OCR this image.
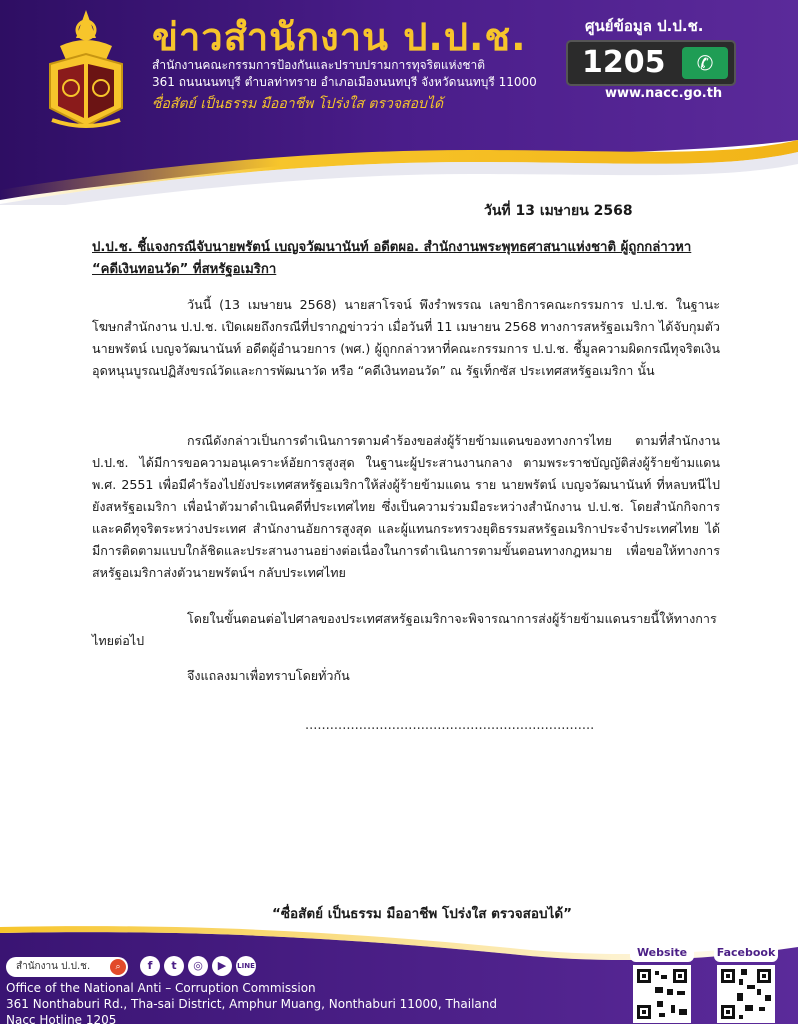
ข่าวสำนักงาน ป.ป.ช.
สำนักงานคณะกรรมการป้องกันและปราบปรามการทุจริตแห่งชาติ
361 ถนนนนทบุรี ตำบลท่าทราย อำเภอเมืองนนทบุรี จังหวัดนนทบุรี 11000
ซื่อสัตย์ เป็นธรรม มืออาชีพ โปร่งใส ตรวจสอบได้
ศูนย์ข้อมูล ป.ป.ช.
1205	✆
www.nacc.go.th
วันที่ 13 เมษายน 2568
ป.ป.ช. ชี้แจงกรณีจับนายพรัตน์ เบญจวัฒนานันท์ อดีตผอ. สำนักงานพระพุทธศาสนาแห่งชาติ ผู้ถูกกล่าวหา “คดีเงินทอนวัด” ที่สหรัฐอเมริกา
วันนี้ (13 เมษายน 2568) นายสาโรจน์ พึงรำพรรณ เลขาธิการคณะกรรมการ ป.ป.ช. ในฐานะโฆษกสำนักงาน ป.ป.ช. เปิดเผยถึงกรณีที่ปรากฏข่าวว่า เมื่อวันที่ 11 เมษายน 2568 ทางการสหรัฐอเมริกา ได้จับกุมตัวนายพรัตน์ เบญจวัฒนานันท์ อดีตผู้อำนวยการ (พศ.) ผู้ถูกกล่าวหาที่คณะกรรมการ ป.ป.ช. ชี้มูลความผิดกรณีทุจริตเงินอุดหนุนบูรณปฏิสังขรณ์วัดและการพัฒนาวัด หรือ “คดีเงินทอนวัด” ณ รัฐเท็กซัส ประเทศสหรัฐอเมริกา นั้น
กรณีดังกล่าวเป็นการดำเนินการตามคำร้องขอส่งผู้ร้ายข้ามแดนของทางการไทย ตามที่สำนักงาน ป.ป.ช. ได้มีการขอความอนุเคราะห์อัยการสูงสุด ในฐานะผู้ประสานงานกลาง ตามพระราชบัญญัติส่งผู้ร้ายข้ามแดน พ.ศ. 2551 เพื่อมีคำร้องไปยังประเทศสหรัฐอเมริกาให้ส่งผู้ร้ายข้ามแดน ราย นายพรัตน์ เบญจวัฒนานันท์ ที่หลบหนีไปยังสหรัฐอเมริกา เพื่อนำตัวมาดำเนินคดีที่ประเทศไทย ซึ่งเป็นความร่วมมือระหว่างสำนักงาน ป.ป.ช. โดยสำนักกิจการและคดีทุจริตระหว่างประเทศ สำนักงานอัยการสูงสุด และผู้แทนกระทรวงยุติธรรมสหรัฐอเมริกาประจำประเทศไทย ได้มีการติดตามแบบใกล้ชิดและประสานงานอย่างต่อเนื่องในการดำเนินการตามขั้นตอนทางกฎหมาย เพื่อขอให้ทางการสหรัฐอเมริกาส่งตัวนายพรัตน์ฯ กลับประเทศไทย
โดยในขั้นตอนต่อไปศาลของประเทศสหรัฐอเมริกาจะพิจารณาการส่งผู้ร้ายข้ามแดนรายนี้ให้ทางการไทยต่อไป
จึงแถลงมาเพื่อทราบโดยทั่วกัน
......................................................................
“ซื่อสัตย์ เป็นธรรม มืออาชีพ โปร่งใส ตรวจสอบได้”
สำนักงาน ป.ป.ช.	⌕	f	t	◎	▶	LINE
Office of the National Anti – Corruption Commission
361 Nonthaburi Rd., Tha-sai District, Amphur Muang, Nonthaburi 11000, Thailand
Nacc Hotline 1205
Website	Facebook
